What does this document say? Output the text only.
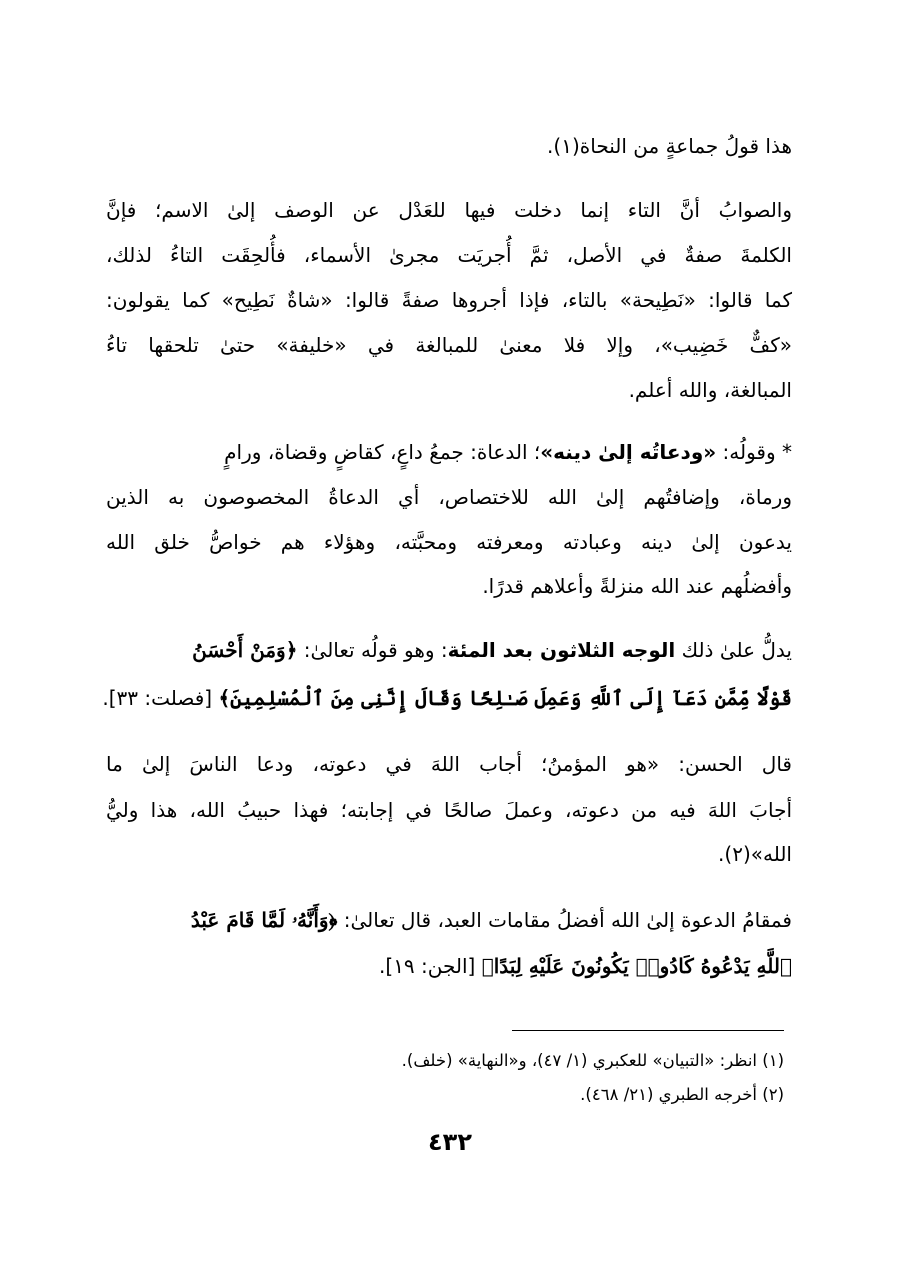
هذا قولُ جماعةٍ من النحاة(١).
والصوابُ أنَّ التاء إنما دخلت فيها للعَدْل عن الوصف إلىٰ الاسم؛ فإنَّ
الكلمةَ صفةٌ في الأصل، ثمَّ أُجريَت مجرىٰ الأسماء، فأُلحِقَت التاءُ لذلك،
كما قالوا: «نَطِيحة» بالتاء، فإذا أجروها صفةً قالوا: «شاةٌ نَطِيح» كما يقولون:
«كفٌّ خَضِيب»، وإلا فلا معنىٰ للمبالغة في «خليفة» حتىٰ تلحقها تاءُ
المبالغة، والله أعلم.
* وقولُه: «ودعاتُه إلىٰ دينه»؛ الدعاة: جمعُ داعٍ، كقاضٍ وقضاة، ورامٍ
ورماة، وإضافتُهم إلىٰ الله للاختصاص، أي الدعاةُ المخصوصون به الذين
يدعون إلىٰ دينه وعبادته ومعرفته ومحبَّته، وهؤلاء هم خواصُّ خلق الله
وأفضلُهم عند الله منزلةً وأعلاهم قدرًا.
يدلُّ علىٰ ذلك الوجه الثلاثون بعد المئة: وهو قولُه تعالىٰ: ﴿وَمَنْ أَحْسَنُ
قَوْلًا مِّمَّن دَعَآ إِلَى ٱللَّهِ وَعَمِلَ صَـٰلِحًا وَقَالَ إِنَّنِى مِنَ ٱلْمُسْلِمِينَ﴾ [فصلت: ٣٣].
قال الحسن: «هو المؤمنُ؛ أجاب اللهَ في دعوته، ودعا الناسَ إلىٰ ما
أجابَ اللهَ فيه من دعوته، وعملَ صالحًا في إجابته؛ فهذا حبيبُ الله، هذا وليُّ
الله»(٢).
فمقامُ الدعوة إلىٰ الله أفضلُ مقامات العبد، قال تعالىٰ: ﴿وَأَنَّهُۥ لَمَّا قَامَ عَبْدُ
ٱللَّهِ يَدْعُوهُ كَادُوا۟ يَكُونُونَ عَلَيْهِ لِبَدًا﴾ [الجن: ١٩].
(١) انظر: «التبيان» للعكبري (١/ ٤٧)، و«النهاية» (خلف).
(٢) أخرجه الطبري (٢١/ ٤٦٨).
٤٣٢
